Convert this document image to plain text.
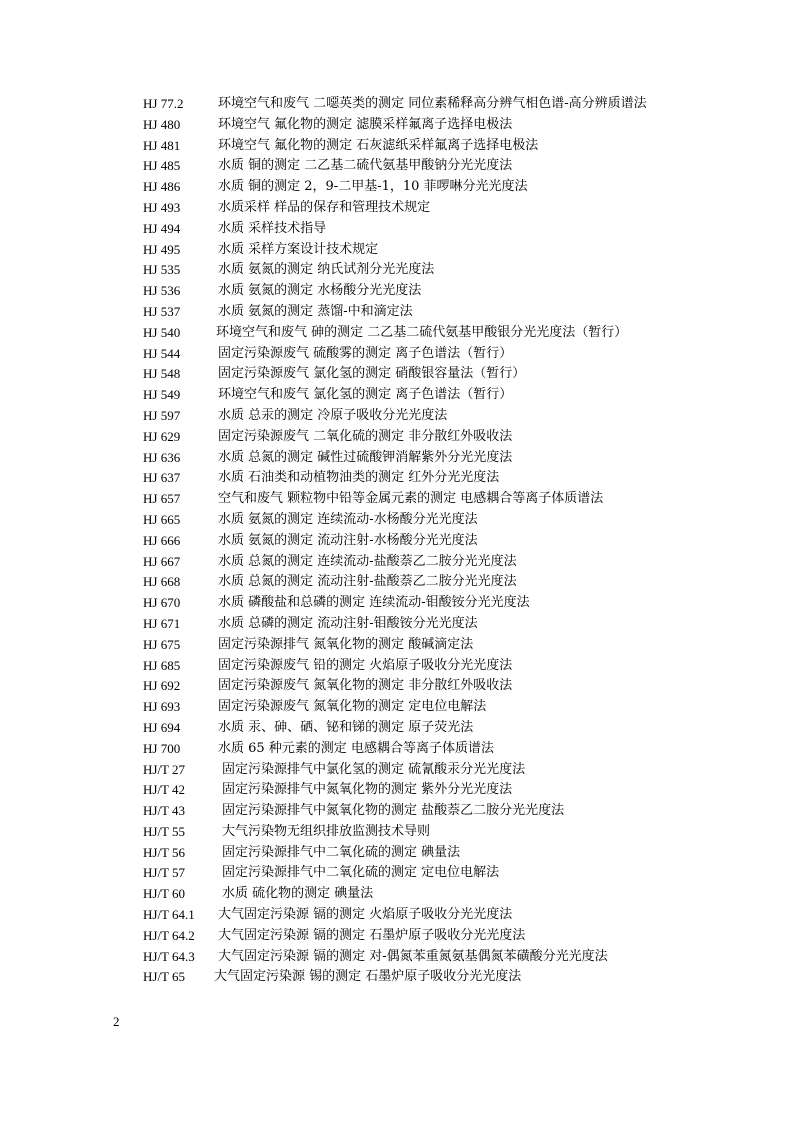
HJ 77.2	环境空气和废气 二噁英类的测定 同位素稀释高分辨气相色谱-高分辨质谱法
HJ 480	环境空气 氟化物的测定 滤膜采样氟离子选择电极法
HJ 481	环境空气 氟化物的测定 石灰滤纸采样氟离子选择电极法
HJ 485	水质 铜的测定 二乙基二硫代氨基甲酸钠分光光度法
HJ 486	水质 铜的测定 2，9-二甲基-1，10 菲啰啉分光光度法
HJ 493	水质采样 样品的保存和管理技术规定
HJ 494	水质 采样技术指导
HJ 495	水质 采样方案设计技术规定
HJ 535	水质 氨氮的测定 纳氏试剂分光光度法
HJ 536	水质 氨氮的测定 水杨酸分光光度法
HJ 537	水质 氨氮的测定 蒸馏-中和滴定法
HJ 540	环境空气和废气 砷的测定 二乙基二硫代氨基甲酸银分光光度法（暂行）
HJ 544	固定污染源废气 硫酸雾的测定 离子色谱法（暂行）
HJ 548	固定污染源废气 氯化氢的测定 硝酸银容量法（暂行）
HJ 549	环境空气和废气 氯化氢的测定 离子色谱法（暂行）
HJ 597	水质 总汞的测定 冷原子吸收分光光度法
HJ 629	固定污染源废气 二氧化硫的测定 非分散红外吸收法
HJ 636	水质 总氮的测定 碱性过硫酸钾消解紫外分光光度法
HJ 637	水质 石油类和动植物油类的测定 红外分光光度法
HJ 657	空气和废气 颗粒物中铅等金属元素的测定 电感耦合等离子体质谱法
HJ 665	水质 氨氮的测定 连续流动-水杨酸分光光度法
HJ 666	水质 氨氮的测定 流动注射-水杨酸分光光度法
HJ 667	水质 总氮的测定 连续流动-盐酸萘乙二胺分光光度法
HJ 668	水质 总氮的测定 流动注射-盐酸萘乙二胺分光光度法
HJ 670	水质 磷酸盐和总磷的测定 连续流动-钼酸铵分光光度法
HJ 671	水质 总磷的测定 流动注射-钼酸铵分光光度法
HJ 675	固定污染源排气 氮氧化物的测定 酸碱滴定法
HJ 685	固定污染源废气 铅的测定 火焰原子吸收分光光度法
HJ 692	固定污染源废气 氮氧化物的测定 非分散红外吸收法
HJ 693	固定污染源废气 氮氧化物的测定 定电位电解法
HJ 694	水质 汞、砷、硒、铋和锑的测定 原子荧光法
HJ 700	水质 65 种元素的测定 电感耦合等离子体质谱法
HJ/T 27	固定污染源排气中氯化氢的测定 硫氰酸汞分光光度法
HJ/T 42	固定污染源排气中氮氧化物的测定 紫外分光光度法
HJ/T 43	固定污染源排气中氮氧化物的测定 盐酸萘乙二胺分光光度法
HJ/T 55	大气污染物无组织排放监测技术导则
HJ/T 56	固定污染源排气中二氧化硫的测定 碘量法
HJ/T 57	固定污染源排气中二氧化硫的测定 定电位电解法
HJ/T 60	水质 硫化物的测定 碘量法
HJ/T 64.1	大气固定污染源 镉的测定 火焰原子吸收分光光度法
HJ/T 64.2	大气固定污染源 镉的测定 石墨炉原子吸收分光光度法
HJ/T 64.3	大气固定污染源 镉的测定 对-偶氮苯重氮氨基偶氮苯磺酸分光光度法
HJ/T 65	大气固定污染源 锡的测定 石墨炉原子吸收分光光度法
2
